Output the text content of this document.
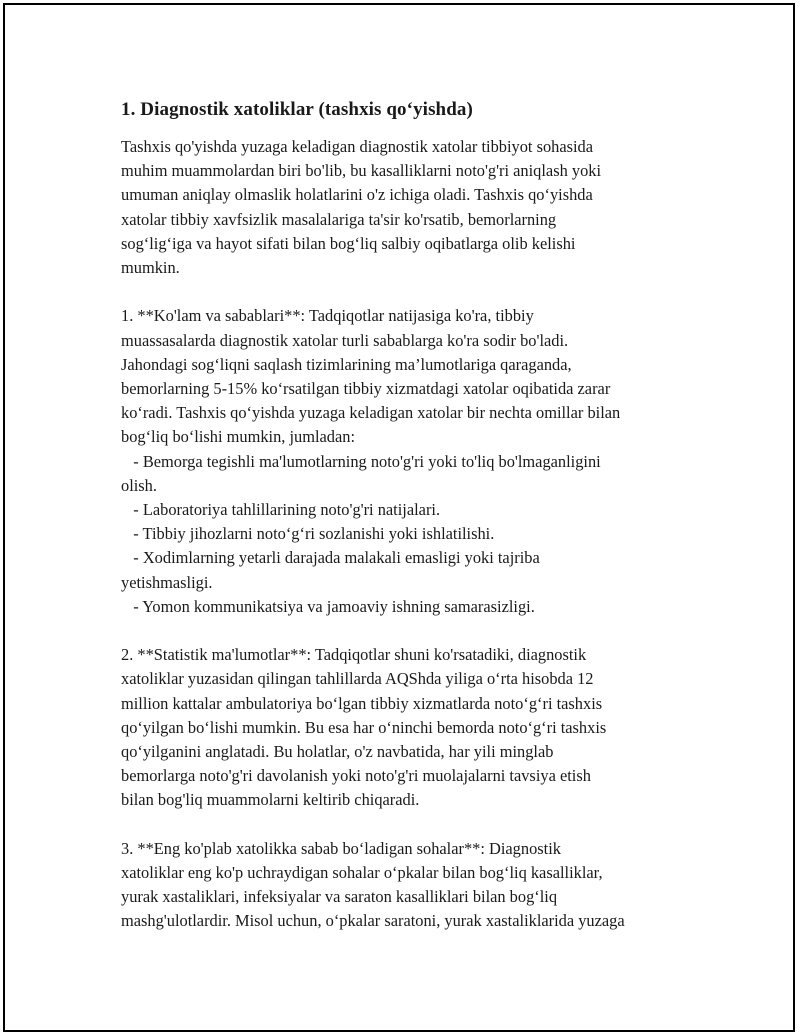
1. Diagnostik xatoliklar (tashxis qo‘yishda)
Tashxis qo'yishda yuzaga keladigan diagnostik xatolar tibbiyot sohasida
muhim muammolardan biri bo'lib, bu kasalliklarni noto'g'ri aniqlash yoki
umuman aniqlay olmaslik holatlarini o'z ichiga oladi. Tashxis qo‘yishda
xatolar tibbiy xavfsizlik masalalariga ta'sir ko'rsatib, bemorlarning
sog‘lig‘iga va hayot sifati bilan bog‘liq salbiy oqibatlarga olib kelishi
mumkin.
1. **Ko'lam va sabablari**: Tadqiqotlar natijasiga ko'ra, tibbiy
muassasalarda diagnostik xatolar turli sabablarga ko'ra sodir bo'ladi.
Jahondagi sog‘liqni saqlash tizimlarining ma’lumotlariga qaraganda,
bemorlarning 5-15% ko‘rsatilgan tibbiy xizmatdagi xatolar oqibatida zarar
ko‘radi. Tashxis qo‘yishda yuzaga keladigan xatolar bir nechta omillar bilan
bog‘liq bo‘lishi mumkin, jumladan:
- Bemorga tegishli ma'lumotlarning noto'g'ri yoki to'liq bo'lmaganligini
olish.
- Laboratoriya tahlillarining noto'g'ri natijalari.
- Tibbiy jihozlarni noto‘g‘ri sozlanishi yoki ishlatilishi.
- Xodimlarning yetarli darajada malakali emasligi yoki tajriba
yetishmasligi.
- Yomon kommunikatsiya va jamoaviy ishning samarasizligi.
2. **Statistik ma'lumotlar**: Tadqiqotlar shuni ko'rsatadiki, diagnostik
xatoliklar yuzasidan qilingan tahlillarda AQShda yiliga o‘rta hisobda 12
million kattalar ambulatoriya bo‘lgan tibbiy xizmatlarda noto‘g‘ri tashxis
qo‘yilgan bo‘lishi mumkin. Bu esa har o‘ninchi bemorda noto‘g‘ri tashxis
qo‘yilganini anglatadi. Bu holatlar, o'z navbatida, har yili minglab
bemorlarga noto'g'ri davolanish yoki noto'g'ri muolajalarni tavsiya etish
bilan bog'liq muammolarni keltirib chiqaradi.
3. **Eng ko'plab xatolikka sabab bo‘ladigan sohalar**: Diagnostik
xatoliklar eng ko'p uchraydigan sohalar o‘pkalar bilan bog‘liq kasalliklar,
yurak xastaliklari, infeksiyalar va saraton kasalliklari bilan bog‘liq
mashg'ulotlardir. Misol uchun, o‘pkalar saratoni, yurak xastaliklarida yuzaga
